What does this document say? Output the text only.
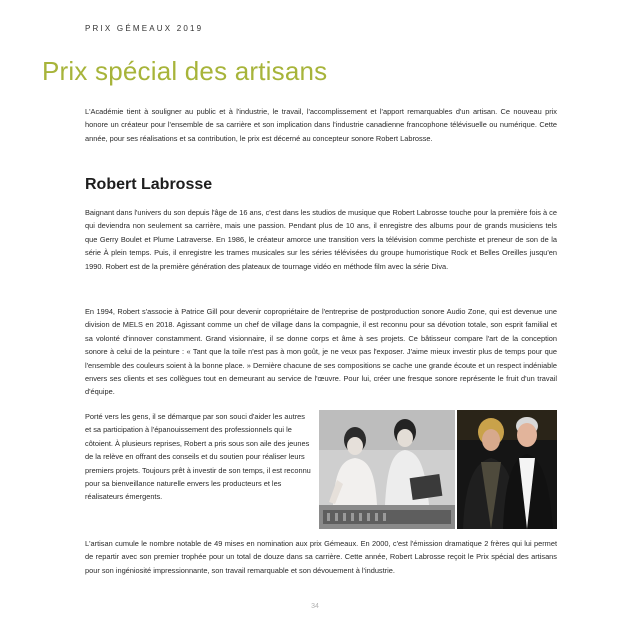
PRIX GÉMEAUX 2019
Prix spécial des artisans

L'Académie tient à souligner au public et à l'industrie, le travail, l'accomplissement et l'apport remarquables d'un artisan. Ce nouveau prix honore un créateur pour l'ensemble de sa carrière et son implication dans l'industrie canadienne francophone télévisuelle ou numérique. Cette année, pour ses réalisations et sa contribution, le prix est décerné au concepteur sonore Robert Labrosse.

Robert Labrosse

Baignant dans l'univers du son depuis l'âge de 16 ans, c'est dans les studios de musique que Robert Labrosse touche pour la première fois à ce qui deviendra non seulement sa carrière, mais une passion. Pendant plus de 10 ans, il enregistre des albums pour de grands musiciens tels que Gerry Boulet et Plume Latraverse. En 1986, le créateur amorce une transition vers la télévision comme perchiste et preneur de son de la série À plein temps. Puis, il enregistre les trames musicales sur les séries télévisées du groupe humoristique Rock et Belles Oreilles jusqu'en 1990. Robert est de la première génération des plateaux de tournage vidéo en méthode film avec la série Diva.

En 1994, Robert s'associe à Patrice Gill pour devenir copropriétaire de l'entreprise de postproduction sonore Audio Zone, qui est devenue une division de MELS en 2018. Agissant comme un chef de village dans la compagnie, il est reconnu pour sa dévotion totale, son esprit familial et sa volonté d'innover constamment. Grand visionnaire, il se donne corps et âme à ses projets. Ce bâtisseur compare l'art de la conception sonore à celui de la peinture : « Tant que la toile n'est pas à mon goût, je ne veux pas l'exposer. J'aime mieux investir plus de temps pour que l'ensemble des couleurs soient à la bonne place. » Dernière chacune de ses compositions se cache une grande écoute et un respect indéniable envers ses clients et ses collègues tout en demeurant au service de l'œuvre. Pour lui, créer une fresque sonore représente le fruit d'un travail d'équipe.

Porté vers les gens, il se démarque par son souci d'aider les autres et sa participation à l'épanouissement des professionnels qui le côtoient. À plusieurs reprises, Robert a pris sous son aile des jeunes de la relève en offrant des conseils et du soutien pour réaliser leurs premiers projets. Toujours prêt à investir de son temps, il est reconnu pour sa bienveillance naturelle envers les producteurs et les réalisateurs émergents.

L'artisan cumule le nombre notable de 49 mises en nomination aux prix Gémeaux. En 2000, c'est l'émission dramatique 2 frères qui lui permet de repartir avec son premier trophée pour un total de douze dans sa carrière. Cette année, Robert Labrosse reçoit le Prix spécial des artisans pour son ingéniosité impressionnante, son travail remarquable et son dévouement à l'industrie.

34
